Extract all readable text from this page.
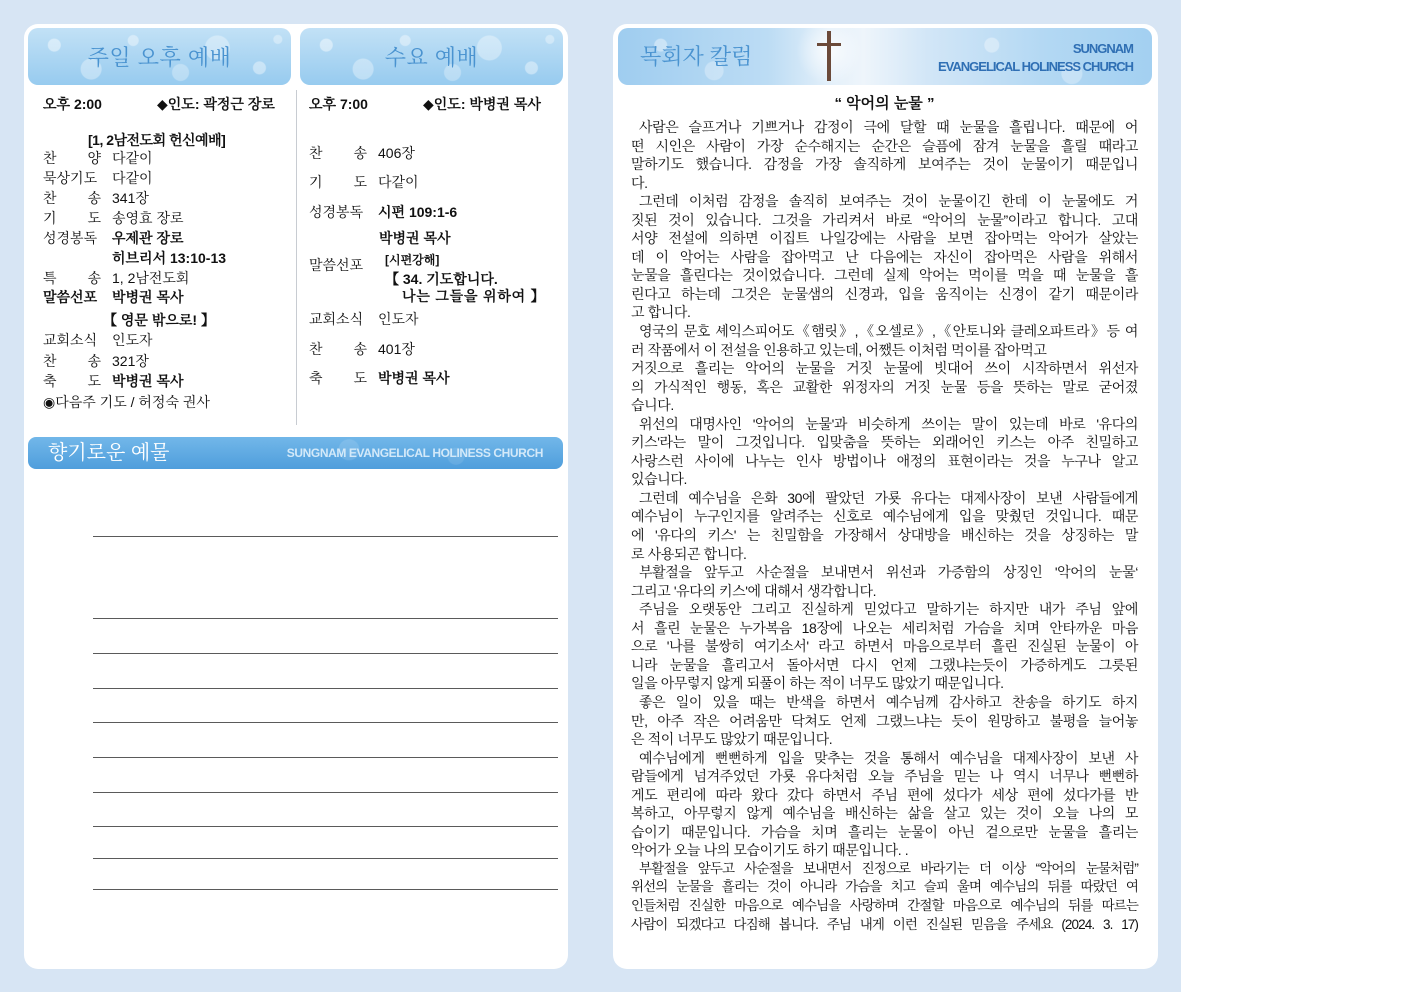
주일 오후 예배	수요 예배
오후 2:00	◆인도: 곽정근 장로
[1, 2남전도회 헌신예배]
찬 양 다같이
묵상기도 다같이
찬 송 341장
기 도 송영효 장로
성경봉독 우제관 장로
히브리서 13:10-13
특 송 1, 2남전도회
말씀선포 박병권 목사
【 영문 밖으로! 】
교회소식 인도자
찬 송 321장
축 도 박병권 목사
◉다음주 기도 / 허정숙 권사
오후 7:00	◆인도: 박병권 목사
찬 송 406장
기 도 다같이
성경봉독 시편 109:1-6
박병권 목사
말씀선포	[시편강해]
【 34. 기도합니다.
나는 그들을 위하여 】
교회소식 인도자
찬 송 401장
축 도 박병권 목사
향기로운 예물	SUNGNAM EVANGELICAL HOLINESS CHURCH
목회자 칼럼	SUNGNAM
EVANGELICAL HOLINESS CHURCH
“ 악어의 눈물 ”
사람은 슬프거나 기쁘거나 감정이 극에 달할 때 눈물을 흘립니다. 때문에 어
떤 시인은 사람이 가장 순수해지는 순간은 슬픔에 잠겨 눈물을 흘릴 때라고
말하기도 했습니다. 감정을 가장 솔직하게 보여주는 것이 눈물이기 때문입니
다.
그런데 이처럼 감정을 솔직히 보여주는 것이 눈물이긴 한데 이 눈물에도 거
짓된 것이 있습니다. 그것을 가리켜서 바로 “악어의 눈물”이라고 합니다. 고대
서양 전설에 의하면 이집트 나일강에는 사람을 보면 잡아먹는 악어가 살았는
데 이 악어는 사람을 잡아먹고 난 다음에는 자신이 잡아먹은 사람을 위해서
눈물을 흘린다는 것이었습니다. 그런데 실제 악어는 먹이를 먹을 때 눈물을 흘
린다고 하는데 그것은 눈물샘의 신경과, 입을 움직이는 신경이 같기 때문이라
고 합니다.
영국의 문호 셰익스피어도《햄릿》,《오셀로》,《안토니와 클레오파트라》등 여
러 작품에서 이 전설을 인용하고 있는데, 어쨌든 이처럼 먹이를 잡아먹고
거짓으로 흘리는 악어의 눈물을 거짓 눈물에 빗대어 쓰이 시작하면서 위선자
의 가식적인 행동, 혹은 교활한 위정자의 거짓 눈물 등을 뜻하는 말로 굳어졌
습니다.
위선의 대명사인 '악어의 눈물'과 비슷하게 쓰이는 말이 있는데 바로 '유다의
키스'라는 말이 그것입니다. 입맞춤을 뜻하는 외래어인 키스는 아주 친밀하고
사랑스런 사이에 나누는 인사 방법이나 애정의 표현이라는 것을 누구나 알고
있습니다.
그런데 예수님을 은화 30에 팔았던 가룟 유다는 대제사장이 보낸 사람들에게
예수님이 누구인지를 알려주는 신호로 예수님에게 입을 맞췄던 것입니다. 때문
에 '유다의 키스' 는 친밀함을 가장해서 상대방을 배신하는 것을 상징하는 말
로 사용되곤 합니다.
부활절을 앞두고 사순절을 보내면서 위선과 가증함의 상징인 '악어의 눈물‘
그리고 '유다의 키스'에 대해서 생각합니다.
주님을 오랫동안 그리고 진실하게 믿었다고 말하기는 하지만 내가 주님 앞에
서 흘린 눈물은 누가복음 18장에 나오는 세리처럼 가슴을 치며 안타까운 마음
으로 '나를 불쌍히 여기소서' 라고 하면서 마음으로부터 흘린 진실된 눈물이 아
니라 눈물을 흘리고서 돌아서면 다시 언제 그랬냐는듯이 가증하게도 그릇된
일을 아무렇지 않게 되풀이 하는 적이 너무도 많았기 때문입니다.
좋은 일이 있을 때는 반색을 하면서 예수님께 감사하고 찬송을 하기도 하지
만, 아주 작은 어려움만 닥쳐도 언제 그랬느냐는 듯이 원망하고 불평을 늘어놓
은 적이 너무도 많았기 때문입니다.
예수님에게 뻔뻔하게 입을 맞추는 것을 통해서 예수님을 대제사장이 보낸 사
람들에게 넘겨주었던 가룟 유다처럼 오늘 주님을 믿는 나 역시 너무나 뻔뻔하
게도 편리에 따라 왔다 갔다 하면서 주님 편에 섰다가 세상 편에 섰다가를 반
복하고, 아무렇지 않게 예수님을 배신하는 삶을 살고 있는 것이 오늘 나의 모
습이기 때문입니다. 가슴을 치며 흘리는 눈물이 아닌 겉으로만 눈물을 흘리는
악어가 오늘 나의 모습이기도 하기 때문입니다. .
부활절을 앞두고 사순절을 보내면서 진정으로 바라기는 더 이상 “악어의 눈물처럼”
위선의 눈물을 흘리는 것이 아니라 가슴을 치고 슬피 울며 예수님의 뒤를 따랐던 여
인들처럼 진실한 마음으로 예수님을 사랑하며 간절할 마음으로 예수님의 뒤를 따르는
사람이 되겠다고 다짐해 봅니다. 주님 내게 이런 진실된 믿음을 주세요 (2024. 3. 17)
